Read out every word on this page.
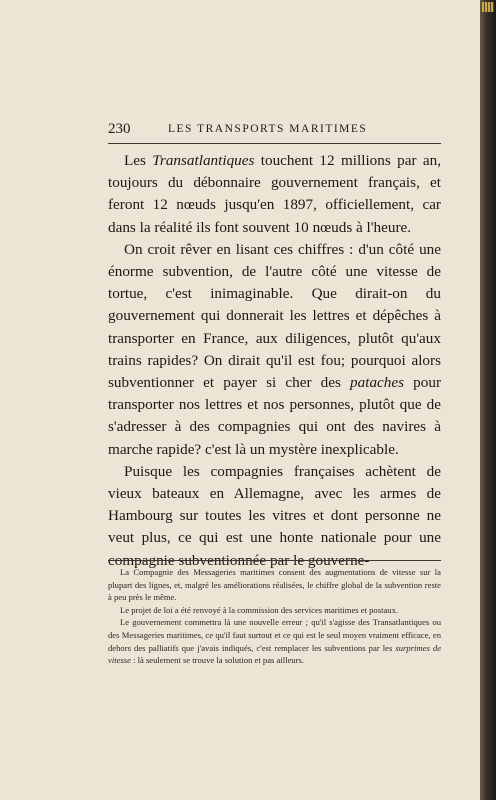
230	LES TRANSPORTS MARITIMES

Les Transatlantiques touchent 12 millions par an, toujours du débonnaire gouvernement français, et feront 12 nœuds jusqu'en 1897, officiellement, car dans la réalité ils font souvent 10 nœuds à l'heure.

On croit rêver en lisant ces chiffres : d'un côté une énorme subvention, de l'autre côté une vitesse de tortue, c'est inimaginable. Que dirait-on du gouvernement qui donnerait les lettres et dépêches à transporter en France, aux diligences, plutôt qu'aux trains rapides? On dirait qu'il est fou; pourquoi alors subventionner et payer si cher des pataches pour transporter nos lettres et nos personnes, plutôt que de s'adresser à des compagnies qui ont des navires à marche rapide? c'est là un mystère inexplicable.

Puisque les compagnies françaises achètent de vieux bateaux en Allemagne, avec les armes de Hambourg sur toutes les vitres et dont personne ne veut plus, ce qui est une honte nationale pour une compagnie subventionnée par le gouverne-

La Compagnie des Messageries maritimes consent des augmentations de vitesse sur la plupart des lignes, et, malgré les améliorations réalisées, le chiffre global de la subvention reste à peu près le même.

Le projet de loi a été renvoyé à la commission des services maritimes et postaux.

Le gouvernement commettra là une nouvelle erreur ; qu'il s'agisse des Transatlantiques ou des Messageries maritimes, ce qu'il faut surtout et ce qui est le seul moyen vraiment efficace, en dehors des palliatifs que j'avais indiqués, c'est remplacer les subventions par les surprimes de vitesse : là seulement se trouve la solution et pas ailleurs.
